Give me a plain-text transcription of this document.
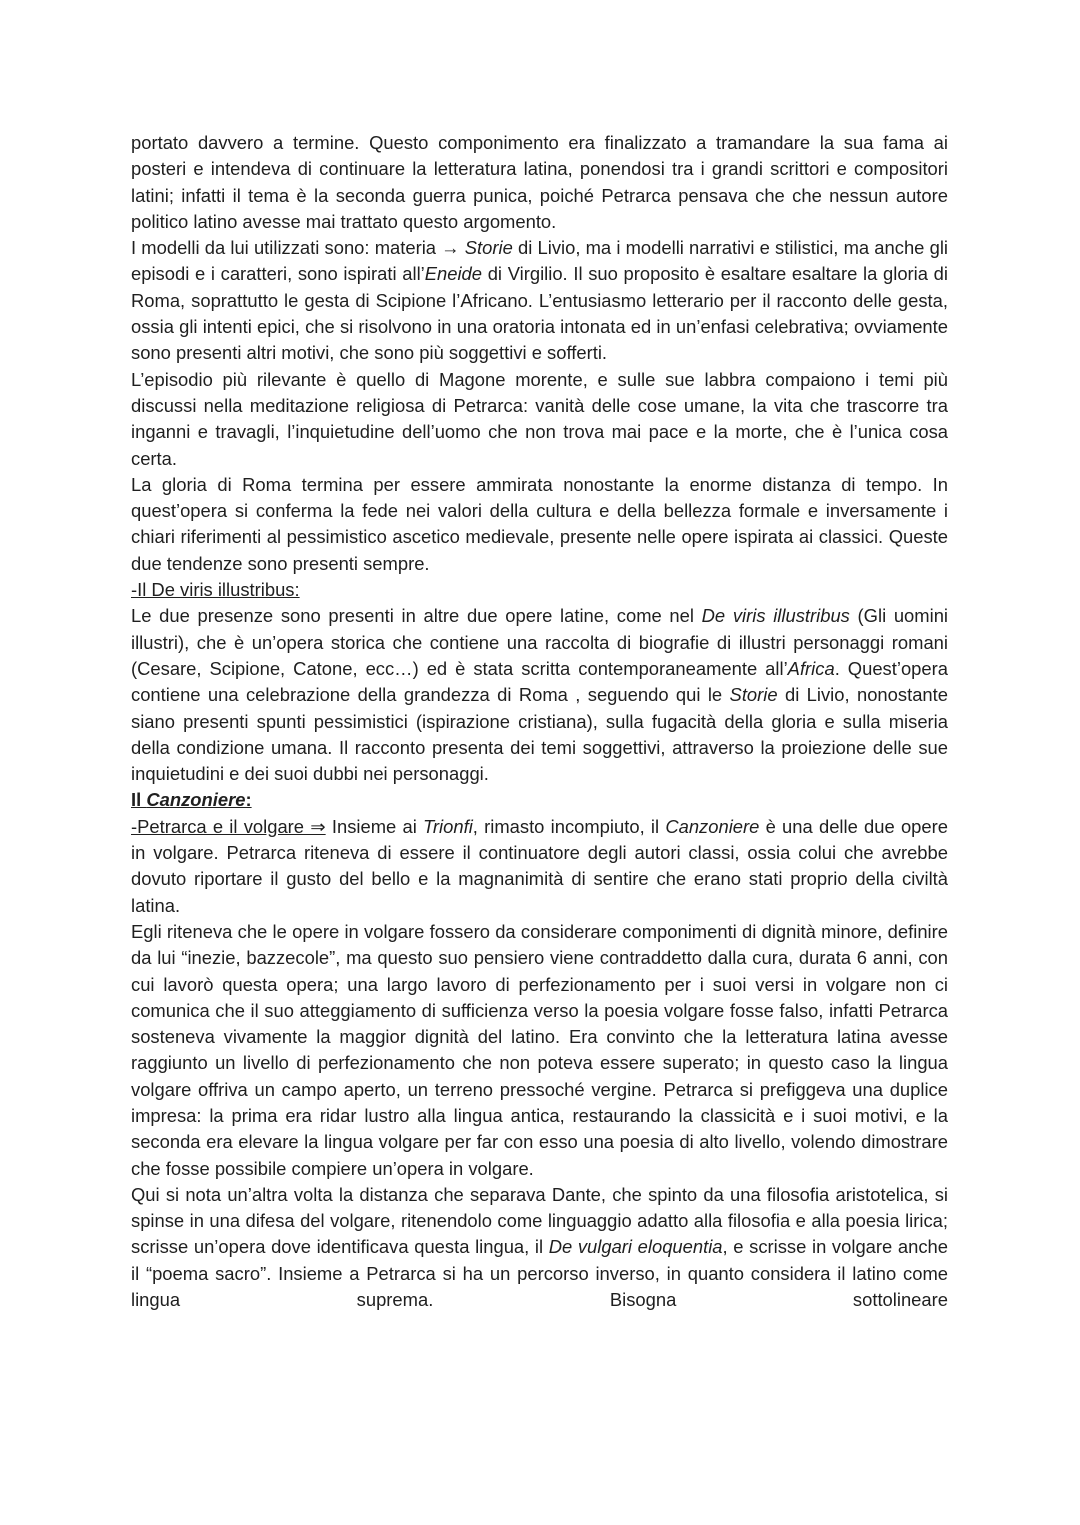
portato davvero a termine. Questo componimento era finalizzato a tramandare la sua fama ai posteri e intendeva di continuare la letteratura latina, ponendosi tra i grandi scrittori e compositori latini; infatti il tema è la seconda guerra punica, poiché Petrarca pensava che che nessun autore politico latino avesse mai trattato questo argomento.

I modelli da lui utilizzati sono: materia → Storie di Livio, ma i modelli narrativi e stilistici, ma anche gli episodi e i caratteri, sono ispirati all’Eneide di Virgilio. Il suo proposito è esaltare esaltare la gloria di Roma, soprattutto le gesta di Scipione l’Africano. L’entusiasmo letterario per il racconto delle gesta, ossia gli intenti epici, che si risolvono in una oratoria intonata ed in un’enfasi celebrativa; ovviamente sono presenti altri motivi, che sono più soggettivi e sofferti.

L’episodio più rilevante è quello di Magone morente, e sulle sue labbra compaiono i temi più discussi nella meditazione religiosa di Petrarca: vanità delle cose umane, la vita che trascorre tra inganni e travagli, l’inquietudine dell’uomo che non trova mai pace e la morte, che è l’unica cosa certa.

La gloria di Roma termina per essere ammirata nonostante la enorme distanza di tempo. In quest’opera si conferma la fede nei valori della cultura e della bellezza formale e inversamente i chiari riferimenti al pessimistico ascetico medievale, presente nelle opere ispirata ai classici. Queste due tendenze sono presenti sempre.

-Il De viris illustribus:

Le due presenze sono presenti in altre due opere latine, come nel De viris illustribus (Gli uomini illustri), che è un’opera storica che contiene una raccolta di biografie di illustri personaggi romani (Cesare, Scipione, Catone, ecc…) ed è stata scritta contemporaneamente all’Africa. Quest’opera contiene una celebrazione della grandezza di Roma , seguendo qui le Storie di Livio, nonostante siano presenti spunti pessimistici (ispirazione cristiana), sulla fugacità della gloria e sulla miseria della condizione umana. Il racconto presenta dei temi soggettivi, attraverso la proiezione delle sue inquietudini e dei suoi dubbi nei personaggi.

Il Canzoniere:

-Petrarca e il volgare ⇒ Insieme ai Trionfi, rimasto incompiuto, il Canzoniere è una delle due opere in volgare. Petrarca riteneva di essere il continuatore degli autori classi, ossia colui che avrebbe dovuto riportare il gusto del bello e la magnanimità di sentire che erano stati proprio della civiltà latina.

Egli riteneva che le opere in volgare fossero da considerare componimenti di dignità minore, definire da lui “inezie, bazzecole”, ma questo suo pensiero viene contraddetto dalla cura, durata 6 anni, con cui lavorò questa opera; una largo lavoro di perfezionamento per i suoi versi in volgare non ci comunica che il suo atteggiamento di sufficienza verso la poesia volgare fosse falso, infatti Petrarca sosteneva vivamente la maggior dignità del latino. Era convinto che la letteratura latina avesse raggiunto un livello di perfezionamento che non poteva essere superato; in questo caso la lingua volgare offriva un campo aperto, un terreno pressoché vergine. Petrarca si prefiggeva una duplice impresa: la prima era ridar lustro alla lingua antica, restaurando la classicità e i suoi motivi, e la seconda era elevare la lingua volgare per far con esso una poesia di alto livello, volendo dimostrare che fosse possibile compiere un’opera in volgare.

Qui si nota un’altra volta la distanza che separava Dante, che spinto da una filosofia aristotelica, si spinse in una difesa del volgare, ritenendolo come linguaggio adatto alla filosofia e alla poesia lirica; scrisse un’opera dove identificava questa lingua, il De vulgari eloquentia, e scrisse in volgare anche il “poema sacro”. Insieme a Petrarca si ha un percorso inverso, in quanto considera il latino come lingua suprema. Bisogna sottolineare
